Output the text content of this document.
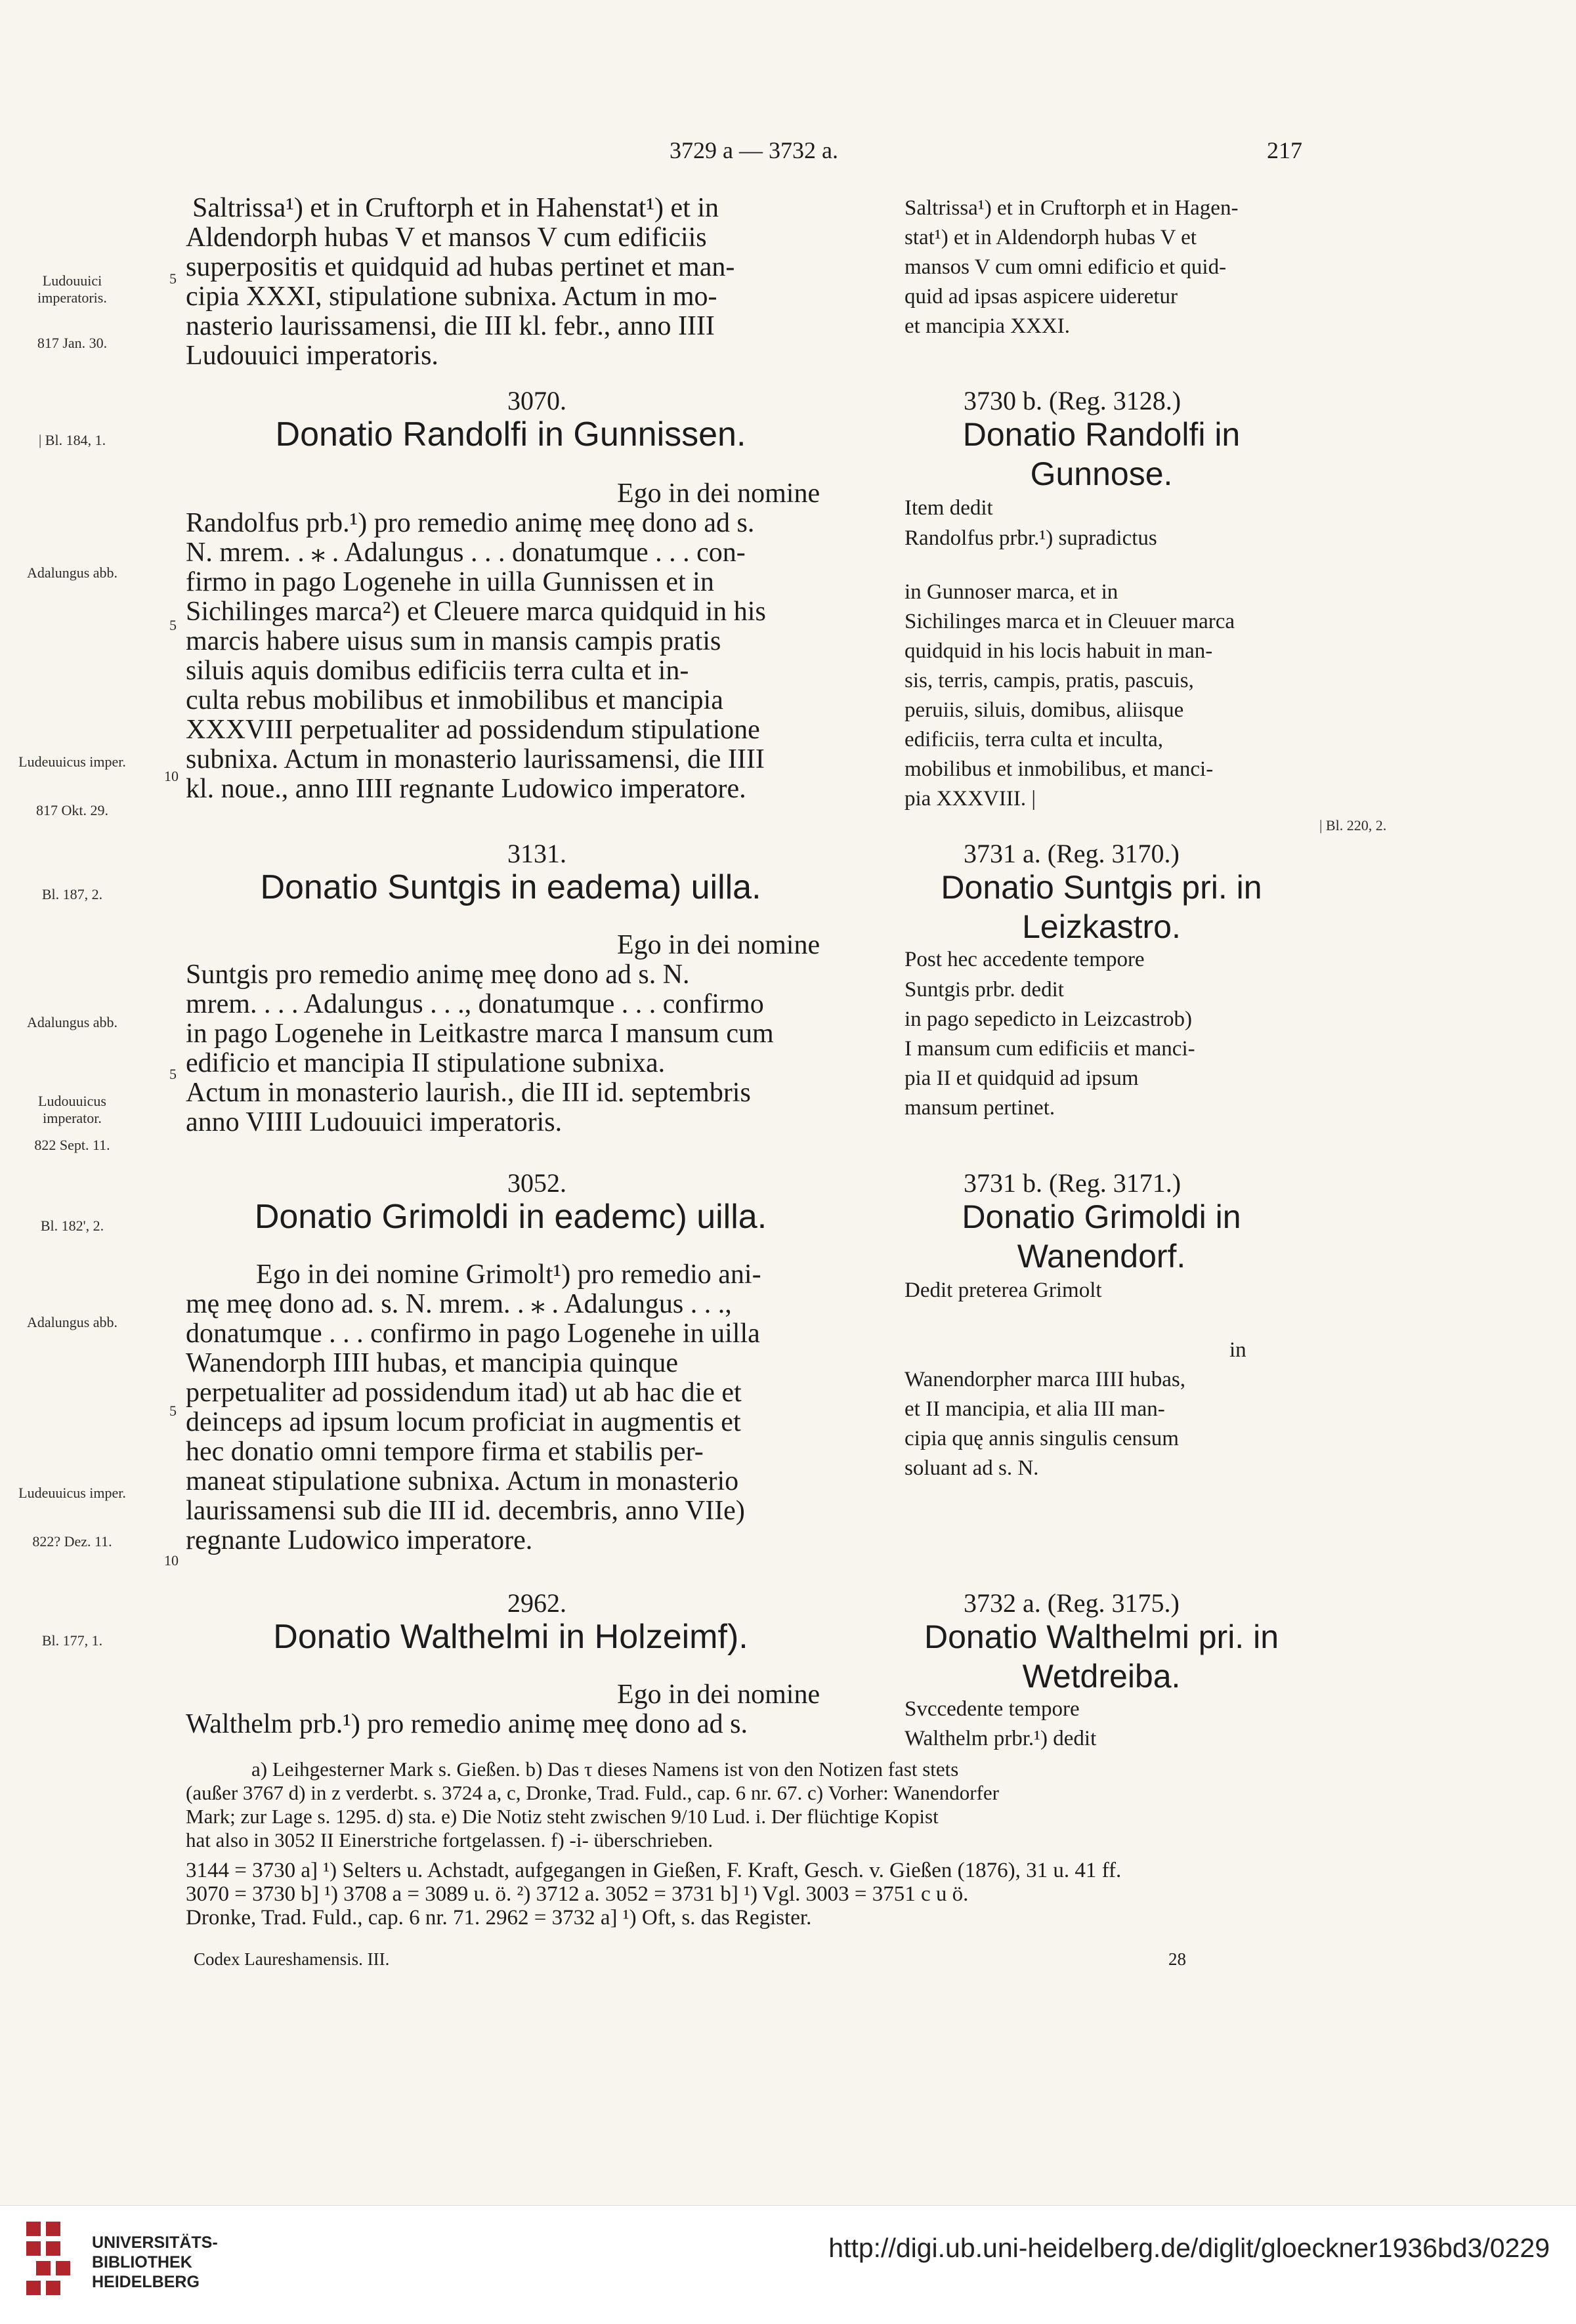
3729 a — 3732 a.	217
Ludouuici imperatoris.
817 Jan. 30.
| Bl. 184, 1.
Adalungus abb.
Ludeuuicus imper.
817 Okt. 29.
Bl. 187, 2.
Adalungus abb.
Ludouuicus imperator.
822 Sept. 11.
Bl. 182', 2.
Adalungus abb.
Ludeuuicus imper.
822? Dez. 11.
Bl. 177, 1.
| Bl. 220, 2.
5
5
10
5
5
10
Saltrissa¹) et in Cruftorph et in Hahenstat¹) et in
Aldendorph hubas V et mansos V cum edificiis
superpositis et quidquid ad hubas pertinet et man-
cipia XXXI, stipulatione subnixa. Actum in mo-
nasterio laurissamensi, die III kl. febr., anno IIII
Ludouuici imperatoris.
3070.
Donatio Randolfi in Gunnissen.
Ego in dei nomine
Randolfus prb.¹) pro remedio animę meę dono ad s.
N. mrem. . ⁎ . Adalungus . . . donatumque . . . con-
firmo in pago Logenehe in uilla Gunnissen et in
Sichilinges marca²) et Cleuere marca quidquid in his
marcis habere uisus sum in mansis campis pratis
siluis aquis domibus edificiis terra culta et in-
culta rebus mobilibus et inmobilibus et mancipia
XXXVIII perpetualiter ad possidendum stipulatione
subnixa. Actum in monasterio laurissamensi, die IIII
kl. noue., anno IIII regnante Ludowico imperatore.
3131.
Donatio Suntgis in eadema) uilla.
Ego in dei nomine
Suntgis pro remedio animę meę dono ad s. N.
mrem. . . . Adalungus . . ., donatumque . . . confirmo
in pago Logenehe in Leitkastre marca I mansum cum
edificio et mancipia II stipulatione subnixa.
Actum in monasterio laurish., die III id. septembris
anno VIIII Ludouuici imperatoris.
3052.
Donatio Grimoldi in eademc) uilla.
Ego in dei nomine Grimolt¹) pro remedio ani-
mę meę dono ad. s. N. mrem. . ⁎ . Adalungus . . .,
donatumque . . . confirmo in pago Logenehe in uilla
Wanendorph IIII hubas, et mancipia quinque
perpetualiter ad possidendum itad) ut ab hac die et
deinceps ad ipsum locum proficiat in augmentis et
hec donatio omni tempore firma et stabilis per-
maneat stipulatione subnixa. Actum in monasterio
laurissamensi sub die III id. decembris, anno VIIe)
regnante Ludowico imperatore.
2962.
Donatio Walthelmi in Holzeimf).
Ego in dei nomine
Walthelm prb.¹) pro remedio animę meę dono ad s.
Saltrissa¹) et in Cruftorph et in Hagen-
stat¹) et in Aldendorph hubas V et
mansos V cum omni edificio et quid-
quid ad ipsas aspicere uideretur
et mancipia XXXI.
3730 b. (Reg. 3128.)
Donatio Randolfi in Gunnose.
Item dedit
Randolfus prbr.¹) supradictus
in Gunnoser marca, et in
Sichilinges marca et in Cleuuer marca
quidquid in his locis habuit in man-
sis, terris, campis, pratis, pascuis,
peruiis, siluis, domibus, aliisque
edificiis, terra culta et inculta,
mobilibus et inmobilibus, et manci-
pia XXXVIII. |
3731 a. (Reg. 3170.)
Donatio Suntgis pri. in Leizkastro.
Post hec accedente tempore
Suntgis prbr. dedit
in pago sepedicto in Leizcastrob)
I mansum cum edificiis et manci-
pia II et quidquid ad ipsum
mansum pertinet.
3731 b. (Reg. 3171.)
Donatio Grimoldi in Wanendorf.
Dedit preterea Grimolt
in
Wanendorpher marca IIII hubas,
et II mancipia, et alia III man-
cipia quę annis singulis censum
soluant ad s. N.
3732 a. (Reg. 3175.)
Donatio Walthelmi pri. in Wetdreiba.
Svccedente tempore
Walthelm prbr.¹) dedit
a) Leihgesterner Mark s. Gießen. b) Das τ dieses Namens ist von den Notizen fast stets
(außer 3767 d) in z verderbt. s. 3724 a, c, Dronke, Trad. Fuld., cap. 6 nr. 67. c) Vorher: Wanendorfer
Mark; zur Lage s. 1295. d) sta. e) Die Notiz steht zwischen 9/10 Lud. i. Der flüchtige Kopist
hat also in 3052 II Einerstriche fortgelassen. f) -i- überschrieben.
3144 = 3730 a] ¹) Selters u. Achstadt, aufgegangen in Gießen, F. Kraft, Gesch. v. Gießen (1876), 31 u. 41 ff.
3070 = 3730 b] ¹) 3708 a = 3089 u. ö. ²) 3712 a. 3052 = 3731 b] ¹) Vgl. 3003 = 3751 c u ö.
Dronke, Trad. Fuld., cap. 6 nr. 71. 2962 = 3732 a] ¹) Oft, s. das Register.
Codex Laureshamensis. III.	28
UNIVERSITÄTS-
BIBLIOTHEK
HEIDELBERG
http://digi.ub.uni-heidelberg.de/diglit/gloeckner1936bd3/0229
